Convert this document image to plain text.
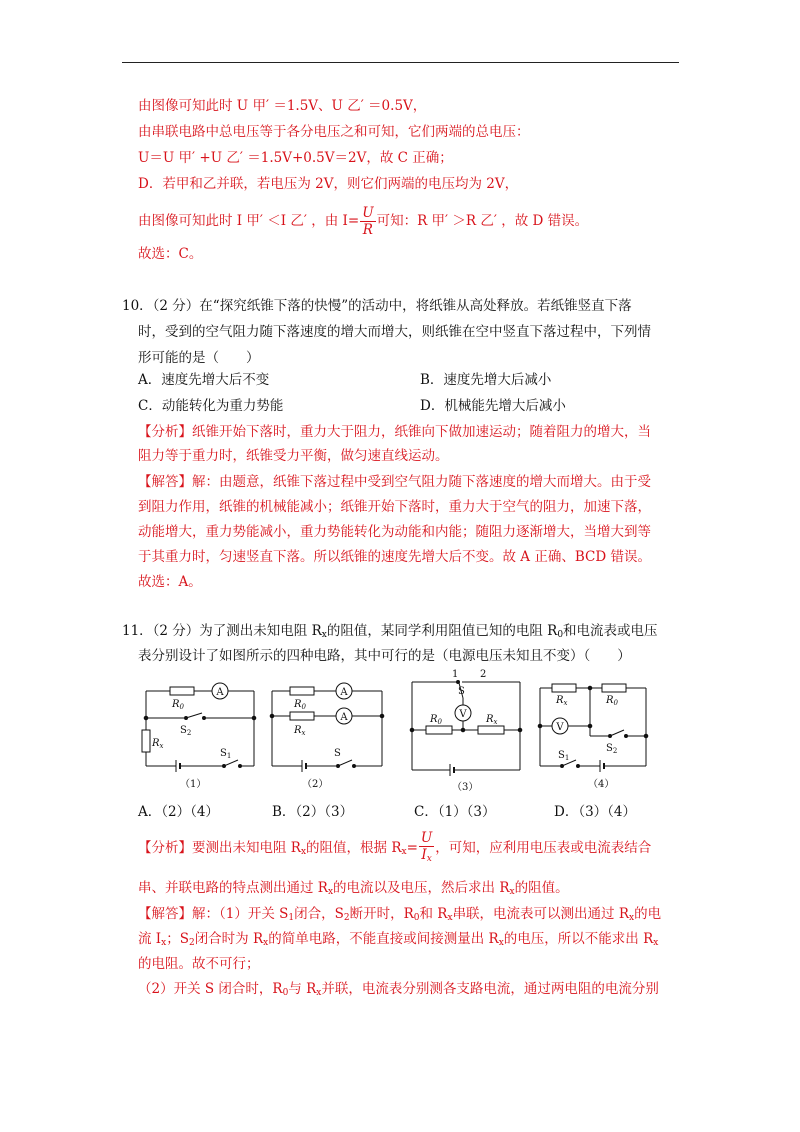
由图像可知此时 U 甲′ ＝1.5V、U 乙′ ＝0.5V，
由串联电路中总电压等于各分电压之和可知，它们两端的总电压：
U＝U 甲′ +U 乙′ ＝1.5V+0.5V＝2V，故 C 正确；
D．若甲和乙并联，若电压为 2V，则它们两端的电压均为 2V，
由图像可知此时 I 甲′ ＜I 乙′ ，由 $I= \frac{U}{R}$ 可知：R 甲′ ＞R 乙′ ，故 D 错误。
故选：C。
10．（2 分）在“探究纸锥下落的快慢”的活动中，将纸锥从高处释放。若纸锥竖直下落
时，受到的空气阻力随下落速度的增大而增大，则纸锥在空中竖直下落过程中，下列情
形可能的是（　　）
A．速度先增大后不变	B．速度先增大后减小
C．动能转化为重力势能	D．机械能先增大后减小
【分析】纸锥开始下落时，重力大于阻力，纸锥向下做加速运动；随着阻力的增大，当
阻力等于重力时，纸锥受力平衡，做匀速直线运动。
【解答】解：由题意，纸锥下落过程中受到空气阻力随下落速度的增大而增大。由于受
到阻力作用，纸锥的机械能减小；纸锥开始下落时，重力大于空气的阻力，加速下落，
动能增大，重力势能减小，重力势能转化为动能和内能；随阻力逐渐增大，当增大到等
于其重力时，匀速竖直下落。所以纸锥的速度先增大后不变。故 A 正确、BCD 错误。
故选：A。
11．（2 分）为了测出未知电阻 $R_x$的阻值，某同学利用阻值已知的电阻 $R_0$和电流表或电压
表分别设计了如图所示的四种电路，其中可行的是（电源电压未知且不变）（　　）
A
$R_0$
$S_2$
$R_x$
$S_1$
（1）
A
$R_0$
A
$R_x$
S
（2）
1 2
S
V
$R_0$	$R_x$
（3）
$R_x$	$R_0$
V
$S_2$
$S_1$
（4）
A．（2）（4）	B．（2）（3）	C．（1）（3）	D．（3）（4）
【分析】要测出未知电阻 $R_x$的阻值，根据 $R_x= \frac{U}{I_x}$ ，可知，应利用电压表或电流表结合
串、并联电路的特点测出通过 $R_x$的电流以及电压，然后求出 $R_x$的阻值。
【解答】解：（1）开关 $S_1$闭合，$S_2$断开时，$R_0$和 $R_x$串联，电流表可以测出通过 $R_x$的电
流 $I_x$；$S_2$闭合时为 $R_x$的简单电路，不能直接或间接测量出 $R_x$的电压，所以不能求出 $R_x$
的电阻。故不可行；
（2）开关 S 闭合时，$R_0$与 $R_x$并联，电流表分别测各支路电流，通过两电阻的电流分别
